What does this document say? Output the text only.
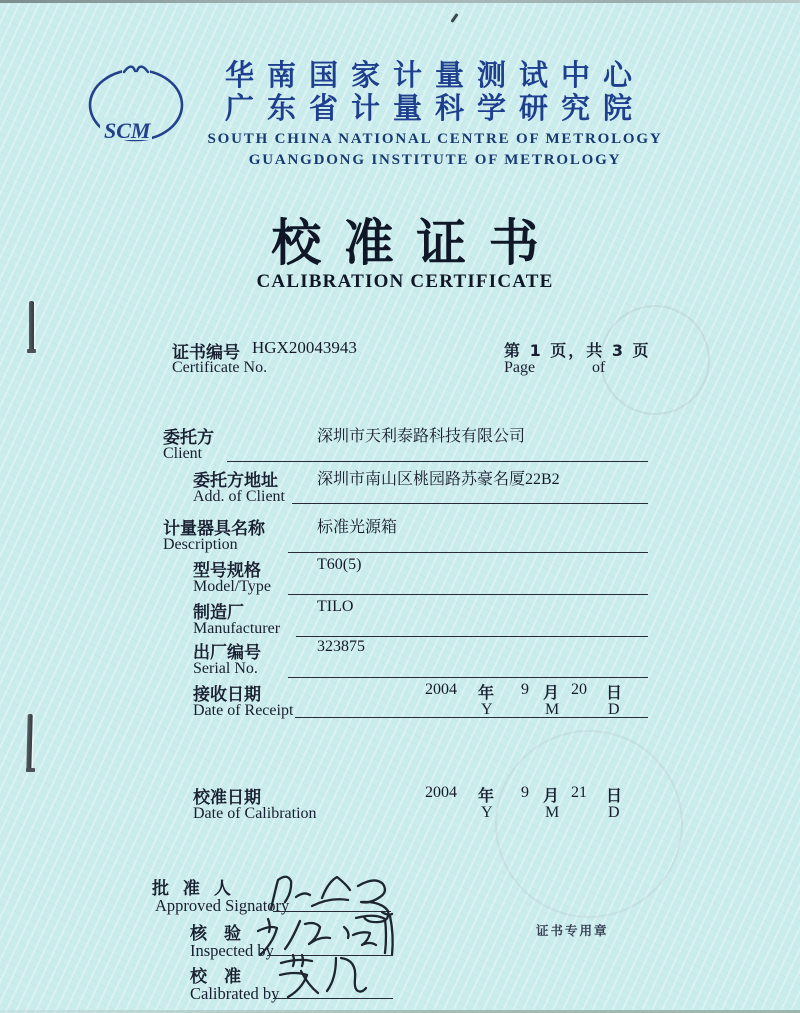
SCM
华南国家计量测试中心
广东省计量科学研究院
SOUTH CHINA NATIONAL CENTRE OF METROLOGY
GUANGDONG INSTITUTE OF METROLOGY
校 准 证 书
CALIBRATION CERTIFICATE
证书编号 HGX20043943
Certificate No.
第 1 页，共 3 页
Page	of
委托方	深圳市天利泰路科技有限公司
Client
委托方地址 深圳市南山区桃园路苏豪名厦22B2
Add. of Client
计量器具名称	标准光源箱
Description
型号规格	T60(5)
Model/Type
制造厂	TILO
Manufacturer
出厂编号	323875
Serial No.
接收日期
Date of Receipt
2004 年 9 月 20 日
Y	M	D
校准日期
Date of Calibration
2004 年 9 月 21 日
Y	M	D
批 准 人
Approved Signatory
核　验
Inspected by
校　准
Calibrated by
证书专用章
